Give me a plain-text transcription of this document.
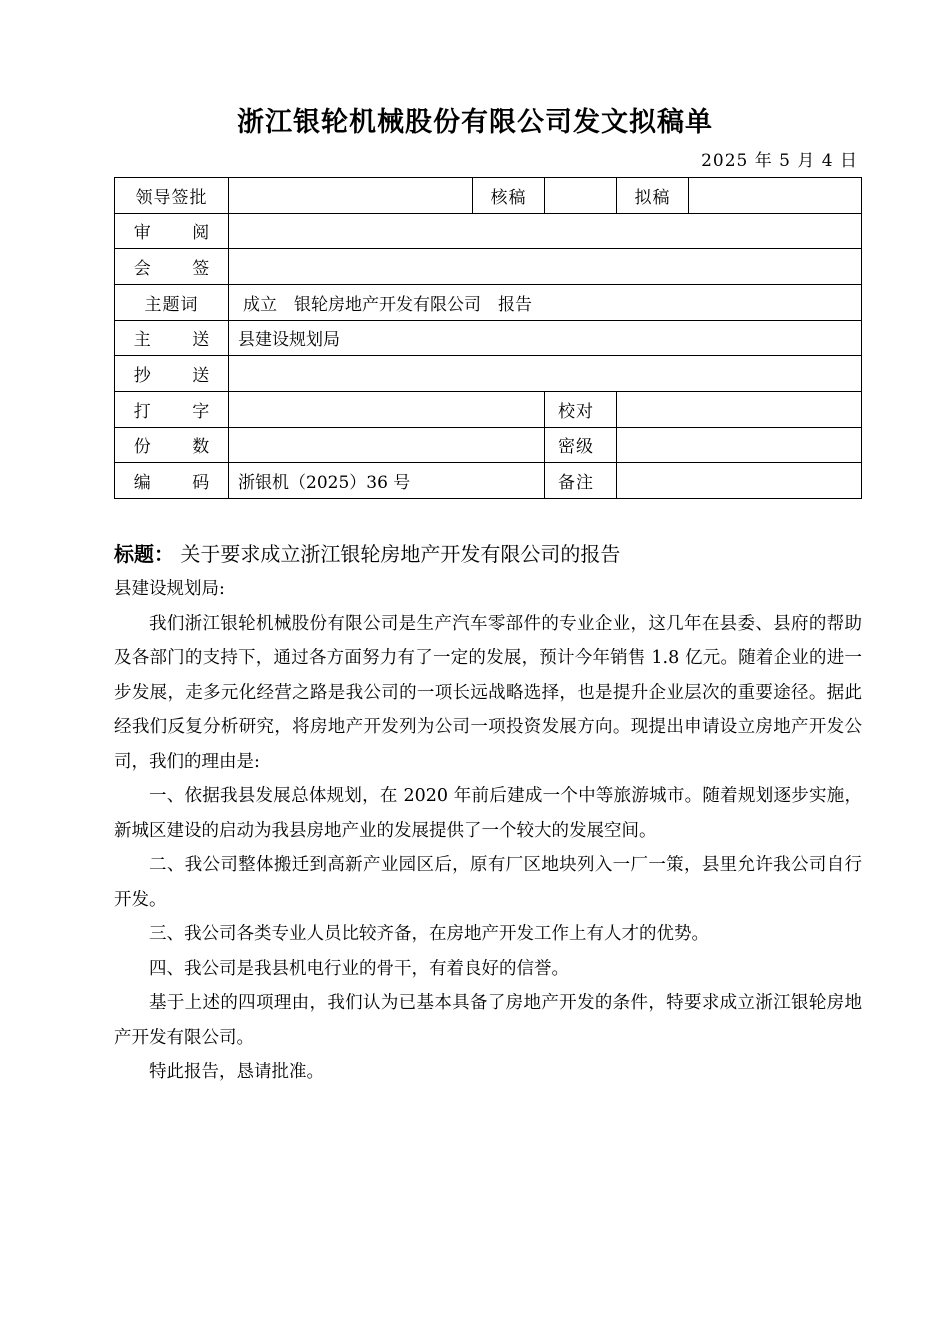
浙江银轮机械股份有限公司发文拟稿单
2025 年 5 月 4 日
领导签批		核稿		拟稿	
审 阅					
会 签					
主题词	成立　银轮房地产开发有限公司　报告				
主 送	县建设规划局				
抄 送					
打 字			校对		
份 数			密级		
编 码	浙银机（2025）36 号		备注		
标题： 关于要求成立浙江银轮房地产开发有限公司的报告

县建设规划局:

我们浙江银轮机械股份有限公司是生产汽车零部件的专业企业，这几年在县委、县府的帮助及各部门的支持下，通过各方面努力有了一定的发展，预计今年销售 1.8 亿元。随着企业的进一步发展，走多元化经营之路是我公司的一项长远战略选择，也是提升企业层次的重要途径。据此经我们反复分析研究，将房地产开发列为公司一项投资发展方向。现提出申请设立房地产开发公司，我们的理由是:

一、依据我县发展总体规划，在 2020 年前后建成一个中等旅游城市。随着规划逐步实施，新城区建设的启动为我县房地产业的发展提供了一个较大的发展空间。

二、我公司整体搬迁到高新产业园区后，原有厂区地块列入一厂一策，县里允许我公司自行开发。

三、我公司各类专业人员比较齐备，在房地产开发工作上有人才的优势。

四、我公司是我县机电行业的骨干，有着良好的信誉。

基于上述的四项理由，我们认为已基本具备了房地产开发的条件，特要求成立浙江银轮房地产开发有限公司。

特此报告，恳请批准。
